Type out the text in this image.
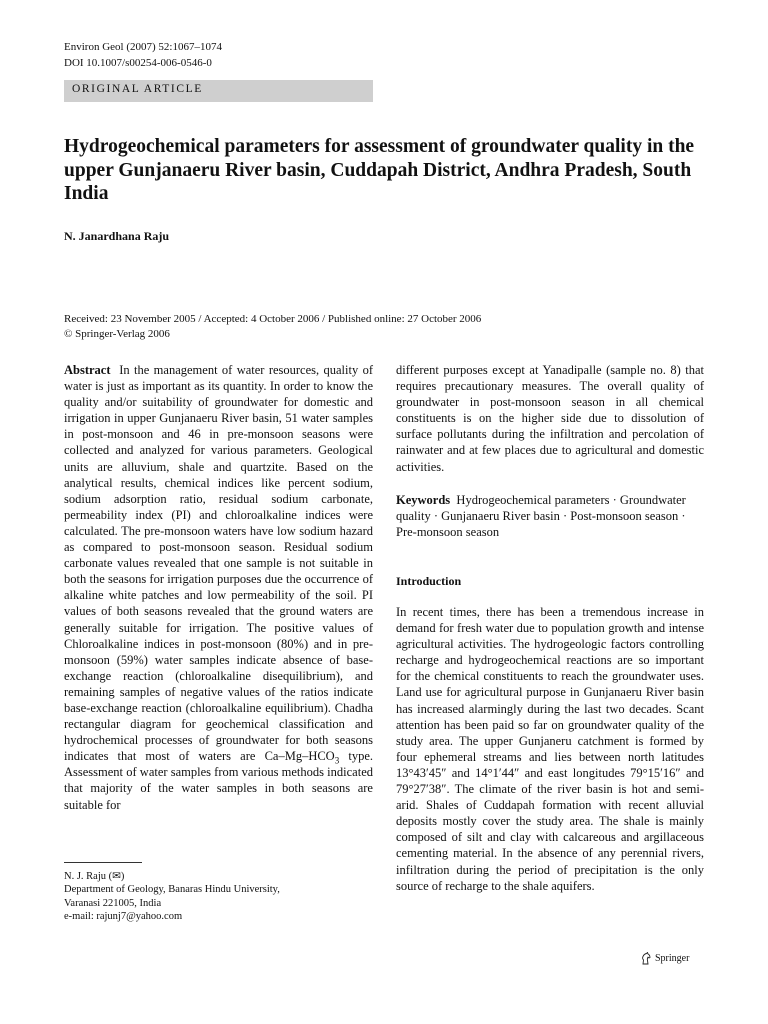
Environ Geol (2007) 52:1067–1074
DOI 10.1007/s00254-006-0546-0
ORIGINAL ARTICLE
Hydrogeochemical parameters for assessment of groundwater quality in the upper Gunjanaeru River basin, Cuddapah District, Andhra Pradesh, South India
N. Janardhana Raju
Received: 23 November 2005 / Accepted: 4 October 2006 / Published online: 27 October 2006
© Springer-Verlag 2006
Abstract In the management of water resources, quality of water is just as important as its quantity. In order to know the quality and/or suitability of groundwater for domestic and irrigation in upper Gunjanaeru River basin, 51 water samples in post-monsoon and 46 in pre-monsoon seasons were collected and analyzed for various parameters. Geological units are alluvium, shale and quartzite. Based on the analytical results, chemical indices like percent sodium, sodium adsorption ratio, residual sodium carbonate, permeability index (PI) and chloroalkaline indices were calculated. The pre-monsoon waters have low sodium hazard as compared to post-monsoon season. Residual sodium carbonate values revealed that one sample is not suitable in both the seasons for irrigation purposes due the occurrence of alkaline white patches and low permeability of the soil. PI values of both seasons revealed that the ground waters are generally suitable for irrigation. The positive values of Chloroalkaline indices in post-monsoon (80%) and in pre-monsoon (59%) water samples indicate absence of base-exchange reaction (chloroalkaline disequilibrium), and remaining samples of negative values of the ratios indicate base-exchange reaction (chloroalkaline equilibrium). Chadha rectangular diagram for geochemical classification and hydrochemical processes of groundwater for both seasons indicates that most of waters are $Ca-Mg-HCO_3$ type. Assessment of water samples from various methods indicated that majority of the water samples in both seasons are suitable for
different purposes except at Yanadipalle (sample no. 8) that requires precautionary measures. The overall quality of groundwater in post-monsoon season in all chemical constituents is on the higher side due to dissolution of surface pollutants during the infiltration and percolation of rainwater and at few places due to agricultural and domestic activities.
Keywords Hydrogeochemical parameters · Groundwater quality · Gunjanaeru River basin · Post-monsoon season · Pre-monsoon season
Introduction
In recent times, there has been a tremendous increase in demand for fresh water due to population growth and intense agricultural activities. The hydrogeologic factors controlling recharge and hydrogeochemical reactions are so important for the chemical constituents to reach the groundwater uses. Land use for agricultural purpose in Gunjanaeru River basin has increased alarmingly during the last two decades. Scant attention has been paid so far on groundwater quality of the study area. The upper Gunjaneru catchment is formed by four ephemeral streams and lies between north latitudes 13°43′45″ and 14°1′44″ and east longitudes 79°15′16″ and 79°27′38″. The climate of the river basin is hot and semi-arid. Shales of Cuddapah formation with recent alluvial deposits mostly cover the study area. The shale is mainly composed of silt and clay with calcareous and argillaceous cementing material. In the absence of any perennial rivers, infiltration during the period of precipitation is the only source of recharge to the shale aquifers.
N. J. Raju (✉)
Department of Geology, Banaras Hindu University,
Varanasi 221005, India
e-mail: rajunj7@yahoo.com
Springer
